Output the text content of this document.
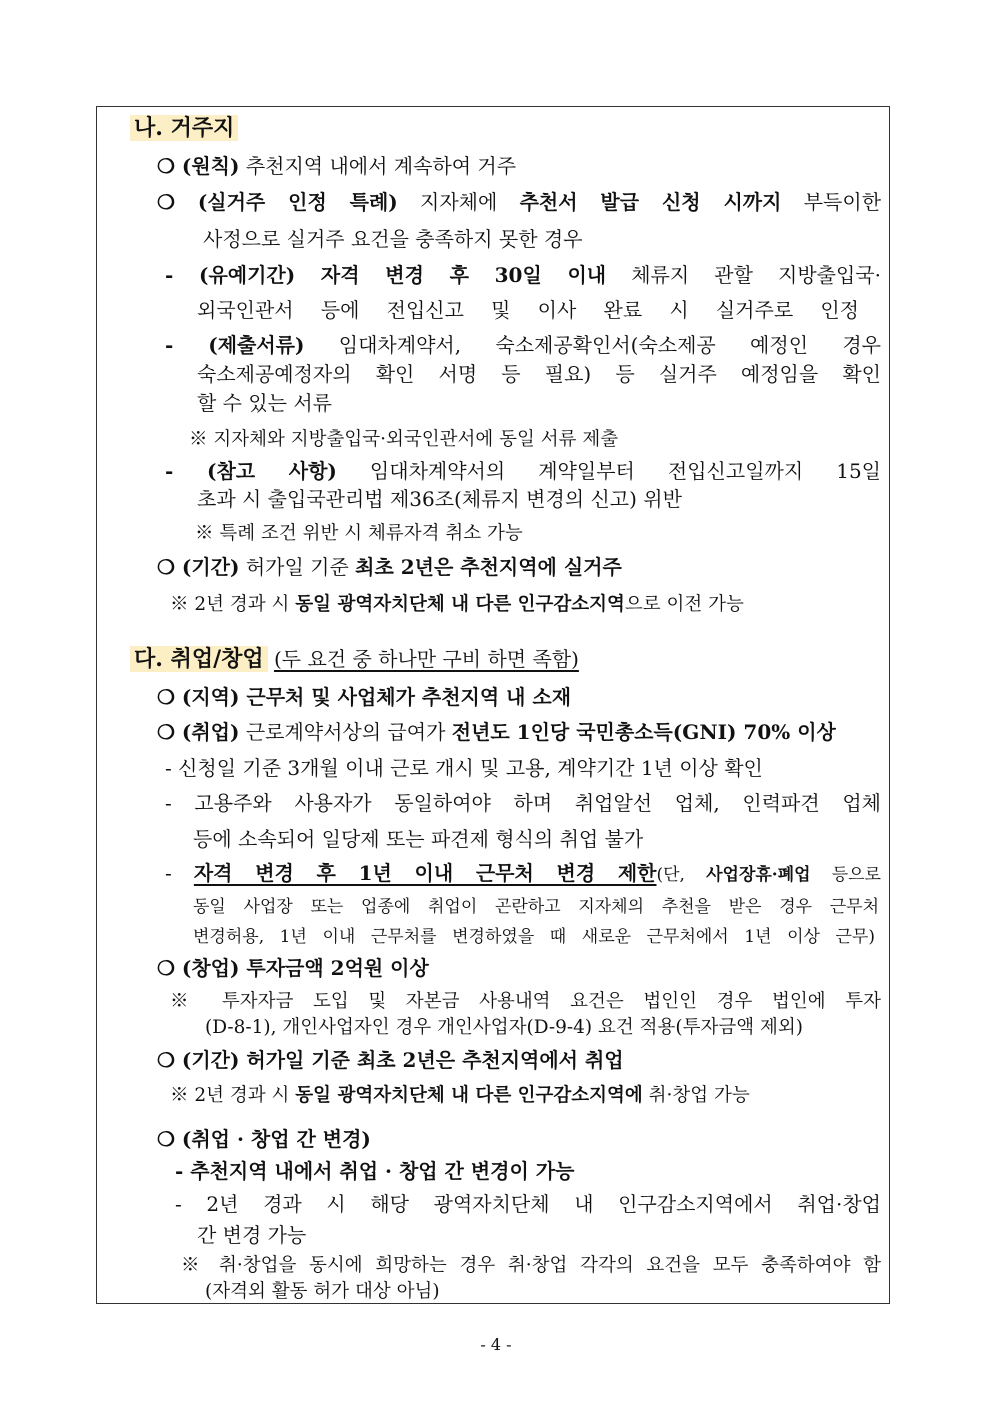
나. 거주지
❍ (원칙) 추천지역 내에서 계속하여 거주
❍ (실거주 인정 특례) 지자체에 추천서 발급 신청 시까지 부득이한
사정으로 실거주 요건을 충족하지 못한 경우
- (유예기간) 자격 변경 후 30일 이내 체류지 관할 지방출입국·
외국인관서 등에 전입신고 및 이사 완료 시 실거주로 인정
- (제출서류) 임대차계약서, 숙소제공확인서(숙소제공 예정인 경우
숙소제공예정자의 확인 서명 등 필요) 등 실거주 예정임을 확인
할 수 있는 서류
※ 지자체와 지방출입국·외국인관서에 동일 서류 제출
- (참고 사항) 임대차계약서의 계약일부터 전입신고일까지 15일
초과 시 출입국관리법 제36조(체류지 변경의 신고) 위반
※ 특례 조건 위반 시 체류자격 취소 가능
❍ (기간) 허가일 기준 최초 2년은 추천지역에 실거주
※ 2년 경과 시 동일 광역자치단체 내 다른 인구감소지역으로 이전 가능
다. 취업/창업 (두 요건 중 하나만 구비 하면 족함)
❍ (지역) 근무처 및 사업체가 추천지역 내 소재
❍ (취업) 근로계약서상의 급여가 전년도 1인당 국민총소득(GNI) 70% 이상
- 신청일 기준 3개월 이내 근로 개시 및 고용, 계약기간 1년 이상 확인
- 고용주와 사용자가 동일하여야 하며 취업알선 업체, 인력파견 업체
등에 소속되어 일당제 또는 파견제 형식의 취업 불가
- 자격 변경 후 1년 이내 근무처 변경 제한(단, 사업장휴·폐업 등으로
동일 사업장 또는 업종에 취업이 곤란하고 지자체의 추천을 받은 경우 근무처
변경허용, 1년 이내 근무처를 변경하였을 때 새로운 근무처에서 1년 이상 근무)
❍ (창업) 투자금액 2억원 이상
※ 투자자금 도입 및 자본금 사용내역 요건은 법인인 경우 법인에 투자
(D-8-1), 개인사업자인 경우 개인사업자(D-9-4) 요건 적용(투자금액 제외)
❍ (기간) 허가일 기준 최초 2년은 추천지역에서 취업
※ 2년 경과 시 동일 광역자치단체 내 다른 인구감소지역에 취·창업 가능
❍ (취업 · 창업 간 변경)
- 추천지역 내에서 취업 · 창업 간 변경이 가능
- 2년 경과 시 해당 광역자치단체 내 인구감소지역에서 취업·창업
간 변경 가능
※ 취·창업을 동시에 희망하는 경우 취·창업 각각의 요건을 모두 충족하여야 함
(자격외 활동 허가 대상 아님)
- 4 -
